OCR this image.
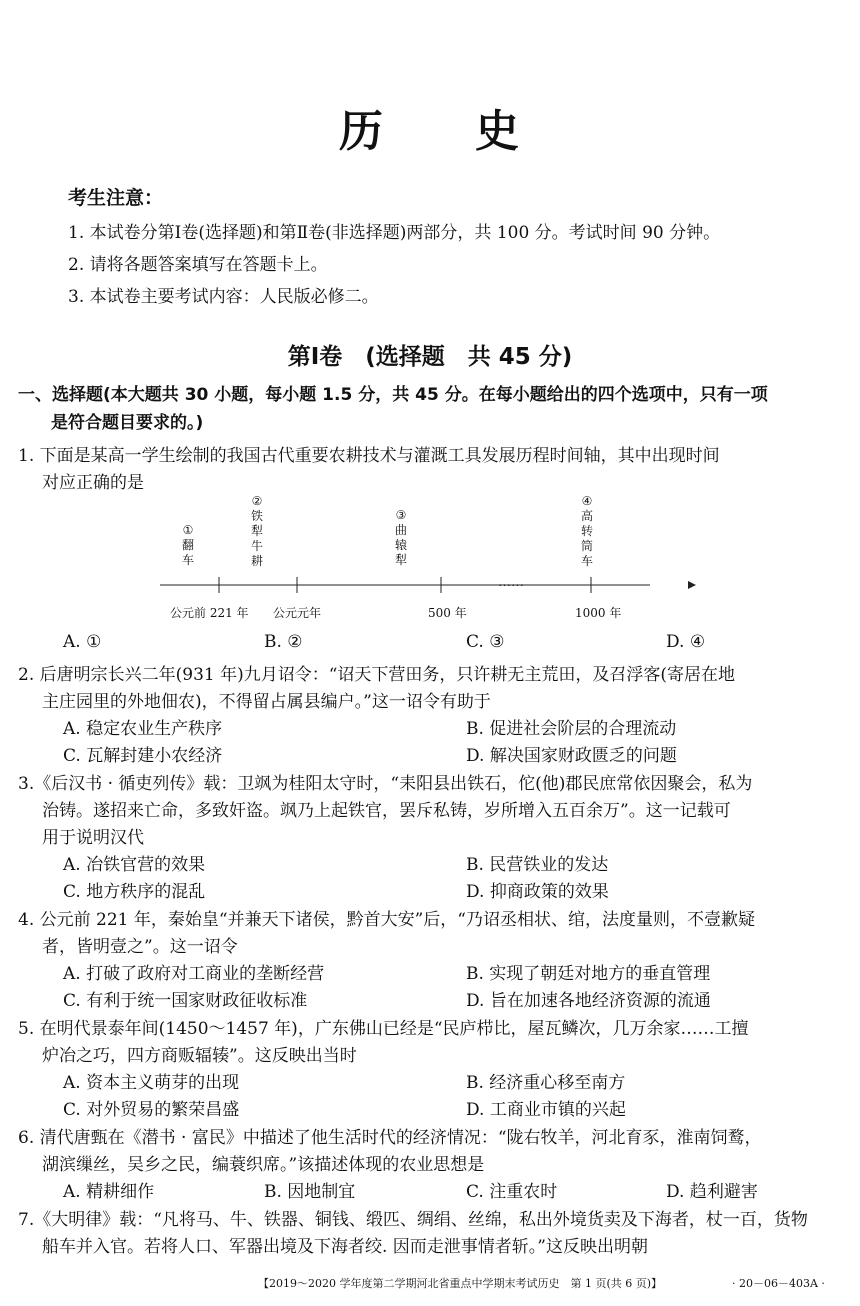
历 史
考生注意：
1. 本试卷分第Ⅰ卷(选择题)和第Ⅱ卷(非选择题)两部分，共 100 分。考试时间 90 分钟。
2. 请将各题答案填写在答题卡上。
3. 本试卷主要考试内容：人民版必修二。
第Ⅰ卷　(选择题　共 45 分)
一、选择题(本大题共 30 小题，每小题 1.5 分，共 45 分。在每小题给出的四个选项中，只有一项
是符合题目要求的。)
1. 下面是某高一学生绘制的我国古代重要农耕技术与灌溉工具发展历程时间轴，其中出现时间
对应正确的是
①
翻车
②
铁犁牛耕
③
曲辕犁
④
高转筒车
……
公元前 221 年 公元元年	500 年	1000 年
A. ①	B. ②	C. ③	D. ④
2. 后唐明宗长兴二年(931 年)九月诏令：“诏天下营田务，只许耕无主荒田，及召浮客(寄居在地
主庄园里的外地佃农)，不得留占属县编户。”这一诏令有助于
A. 稳定农业生产秩序	B. 促进社会阶层的合理流动
C. 瓦解封建小农经济	D. 解决国家财政匮乏的问题
3.《后汉书 · 循吏列传》载：卫飒为桂阳太守时，“耒阳县出铁石，佗(他)郡民庶常依因聚会，私为
治铸。遂招来亡命，多致奸盗。飒乃上起铁官，罢斥私铸，岁所增入五百余万”。这一记载可
用于说明汉代
A. 冶铁官营的效果	B. 民营铁业的发达
C. 地方秩序的混乱	D. 抑商政策的效果
4. 公元前 221 年，秦始皇“并兼天下诸侯，黔首大安”后，“乃诏丞相状、绾，法度量则，不壹歉疑
者，皆明壹之”。这一诏令
A. 打破了政府对工商业的垄断经营	B. 实现了朝廷对地方的垂直管理
C. 有利于统一国家财政征收标准	D. 旨在加速各地经济资源的流通
5. 在明代景泰年间(1450～1457 年)，广东佛山已经是“民庐栉比，屋瓦鳞次，几万余家……工擅
炉冶之巧，四方商贩辐辏”。这反映出当时
A. 资本主义萌芽的出现	B. 经济重心移至南方
C. 对外贸易的繁荣昌盛	D. 工商业市镇的兴起
6. 清代唐甄在《潜书 · 富民》中描述了他生活时代的经济情况：“陇右牧羊，河北育豕，淮南饲鹜，
湖滨缫丝，吴乡之民，编蓑织席。”该描述体现的农业思想是
A. 精耕细作	B. 因地制宜	C. 注重农时	D. 趋利避害
7.《大明律》载：“凡将马、牛、铁器、铜钱、缎匹、绸绢、丝绵，私出外境货卖及下海者，杖一百，货物
船车并入官。若将人口、军器出境及下海者绞. 因而走泄事情者斩。”这反映出明朝
【2019～2020 学年度第二学期河北省重点中学期末考试历史　第 1 页(共 6 页)】	· 20－06－403A ·
